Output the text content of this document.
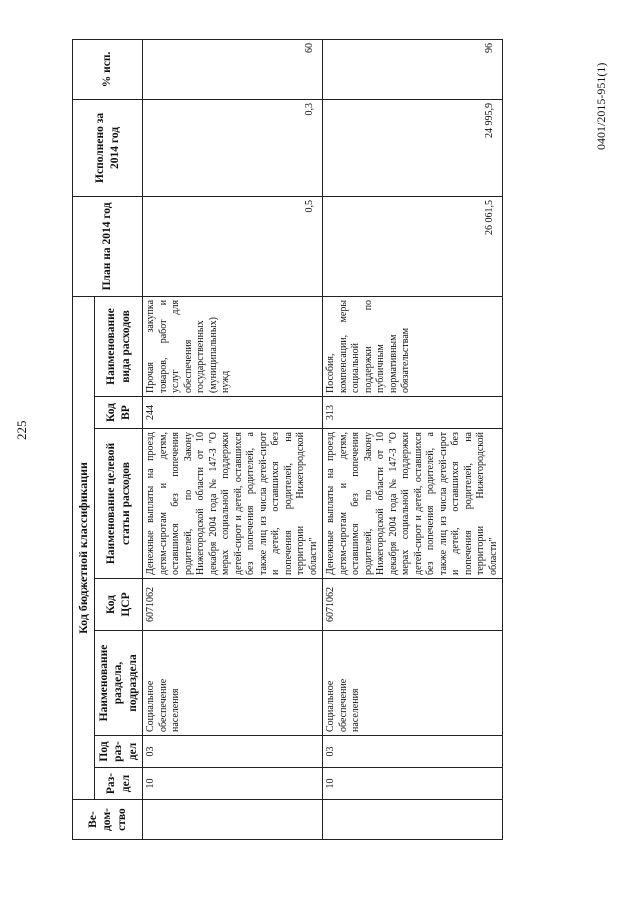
225
0401/2015-951(1)
Ве- дом- ство	Код бюджетной классификации							План на 2014 год	Исполнено за 2014 год	% исп.
	Раз- дел	Под раз- дел	Наименование раздела, подраздела	Код ЦСР	Наименование целевой статьи расходов	Код ВР	Наименование вида расходов			
	10	03	Социальное обеспечение населения	6071062	Денежные выплаты на проезд детям-сиротам и детям, оставшимся без попечения родителей, по Закону Нижегородской области от 10 декабря 2004 года № 147-З "О мерах социальной поддержки детей-сирот и детей, оставшихся без попечения родителей, а также лиц из числа детей-сирот и детей, оставшихся без попечения родителей, на территории Нижегородской области"	244	Прочая закупка товаров, работ и услуг для обеспечения государственных (муниципальных) нужд	0,5	0,3	60
	10	03	Социальное обеспечение населения	6071062	Денежные выплаты на проезд детям-сиротам и детям, оставшимся без попечения родителей, по Закону Нижегородской области от 10 декабря 2004 года № 147-З "О мерах социальной поддержки детей-сирот и детей, оставшихся без попечения родителей, а также лиц из числа детей-сирот и детей, оставшихся без попечения родителей, на территории Нижегородской области"	313	Пособия, компенсации, меры социальной поддержки по публичным нормативным обязательствам	26 061,5	24 995,9	96
